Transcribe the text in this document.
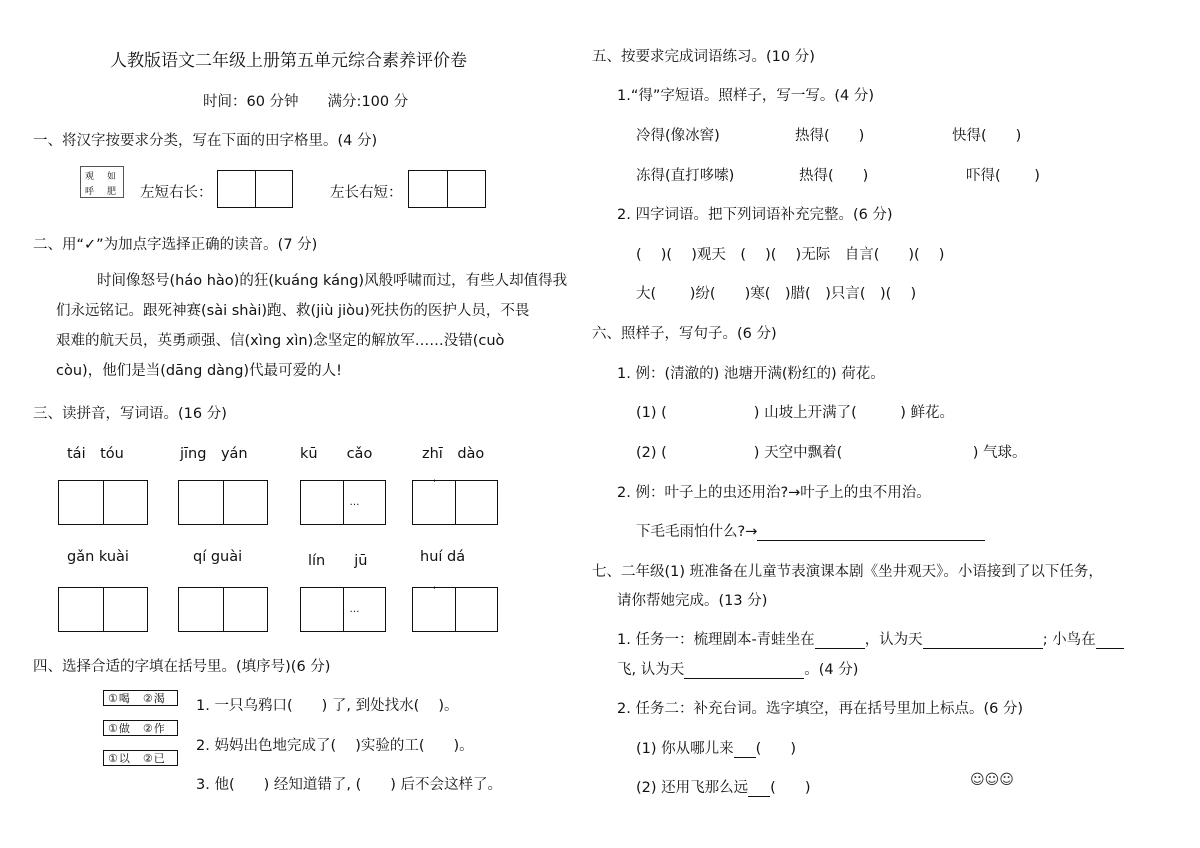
人教版语文二年级上册第五单元综合素养评价卷
时间：60 分钟　　满分:100 分
一、将汉字按要求分类，写在下面的田字格里。(4 分)
观 如
呼 肥 左短右长：	左长右短：
二、用“✓”为加点字选择正确的读音。(7 分)
时间像怒号(háo hào)的狂(kuáng káng)风般呼啸而过，有些人却值得我
们永远铭记。跟死神赛(sài shài)跑、救(jiù jiòu)死扶伤的医护人员，不畏
艰难的航天员，英勇顽强、信(xìng xìn)念坚定的解放军……没错(cuò
còu)，他们是当(dāng dàng)代最可爱的人!
三、读拼音，写词语。(16 分)
tái　tóu	jīng　yán	kū　　cǎo	zhī　dào
…
ˈ
gǎn kuài	qí guài	lín　　jū	huí dá
…
ˈ
四、选择合适的字填在括号里。(填序号)(6 分)
①喝　②渴
①做　②作
①以　②已
1. 一只乌鸦口(　　) 了, 到处找水(　 )。
2. 妈妈出色地完成了(　 )实验的工(　　)。
3. 他(　　) 经知道错了, (　　) 后不会这样了。
五、按要求完成词语练习。(10 分)
1.“得”字短语。照样子，写一写。(4 分)
冷得(像冰窖)	热得(　　)	快得(　　)
冻得(直打哆嗦)	热得(　　)	吓得(　　 )
2. 四字词语。把下列词语补充完整。(6 分)
(　 )(　 )观天　(　 )(　 )无际　自言(　　)(　 )
大(　　 )纷(　　)寒(　)腊(　)只言(　)(　 )
六、照样子，写句子。(6 分)
1. 例：(清澈的) 池塘开满(粉红的) 荷花。
(1) (　　　　　　) 山坡上开满了(　　　) 鲜花。
(2) (　　　　　　) 天空中飘着(　　　　　　　　　) 气球。
2. 例：叶子上的虫还用治?→叶子上的虫不用治。
下毛毛雨怕什么?→
七、二年级(1) 班准备在儿童节表演课本剧《坐井观天》。小语接到了以下任务，
请你帮她完成。(13 分)
1. 任务一：梳理剧本-青蛙坐在	，认为天	; 小鸟在
飞, 认为天	。(4 分)
2. 任务二：补充台词。选字填空，再在括号里加上标点。(6 分)
(1) 你从哪儿来 (　　)
(2) 还用飞那么远 (　　)	☺☺☺
